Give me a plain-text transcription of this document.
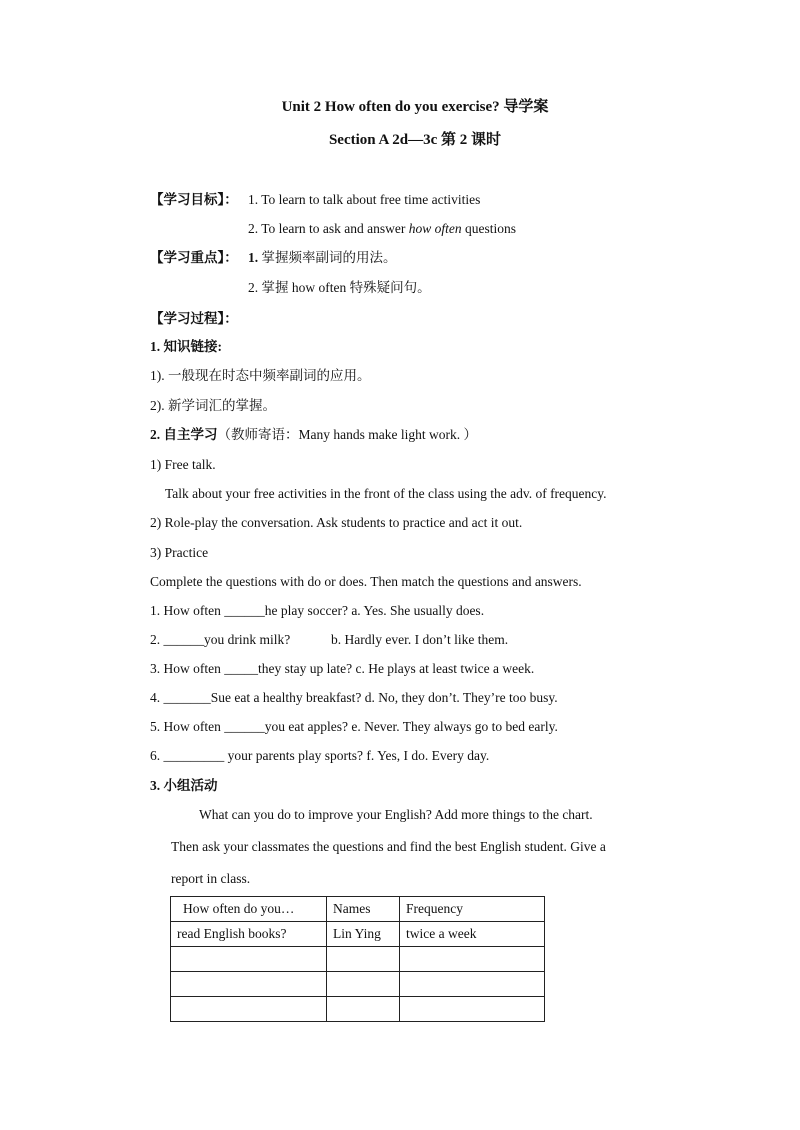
Unit 2 How often do you exercise? 导学案
Section A 2d—3c 第 2 课时
【学习目标】： 1. To learn to talk about free time activities
2. To learn to ask and answer how often questions
【学习重点】： 1. 掌握频率副词的用法。
2. 掌握 how often 特殊疑问句。
【学习过程】：
1. 知识链接:
1). 一般现在时态中频率副词的应用。
2). 新学词汇的掌握。
2. 自主学习（教师寄语：Many hands make light work. ）
1) Free talk.
Talk about your free activities in the front of the class using the adv. of frequency.
2) Role-play the conversation. Ask students to practice and act it out.
3) Practice
Complete the questions with do or does. Then match the questions and answers.
1. How often ______he play soccer? a. Yes. She usually does.
2. ______you drink milk?	b. Hardly ever. I don’t like them.
3. How often _____they stay up late? c. He plays at least twice a week.
4. _______Sue eat a healthy breakfast? d. No, they don’t. They’re too busy.
5. How often ______you eat apples? e. Never. They always go to bed early.
6. _________ your parents play sports? f. Yes, I do. Every day.
3. 小组活动
What can you do to improve your English? Add more things to the chart.
Then ask your classmates the questions and find the best English student. Give a
report in class.
How often do you…	Names	Frequency
read English books?	Lin Ying	twice a week
